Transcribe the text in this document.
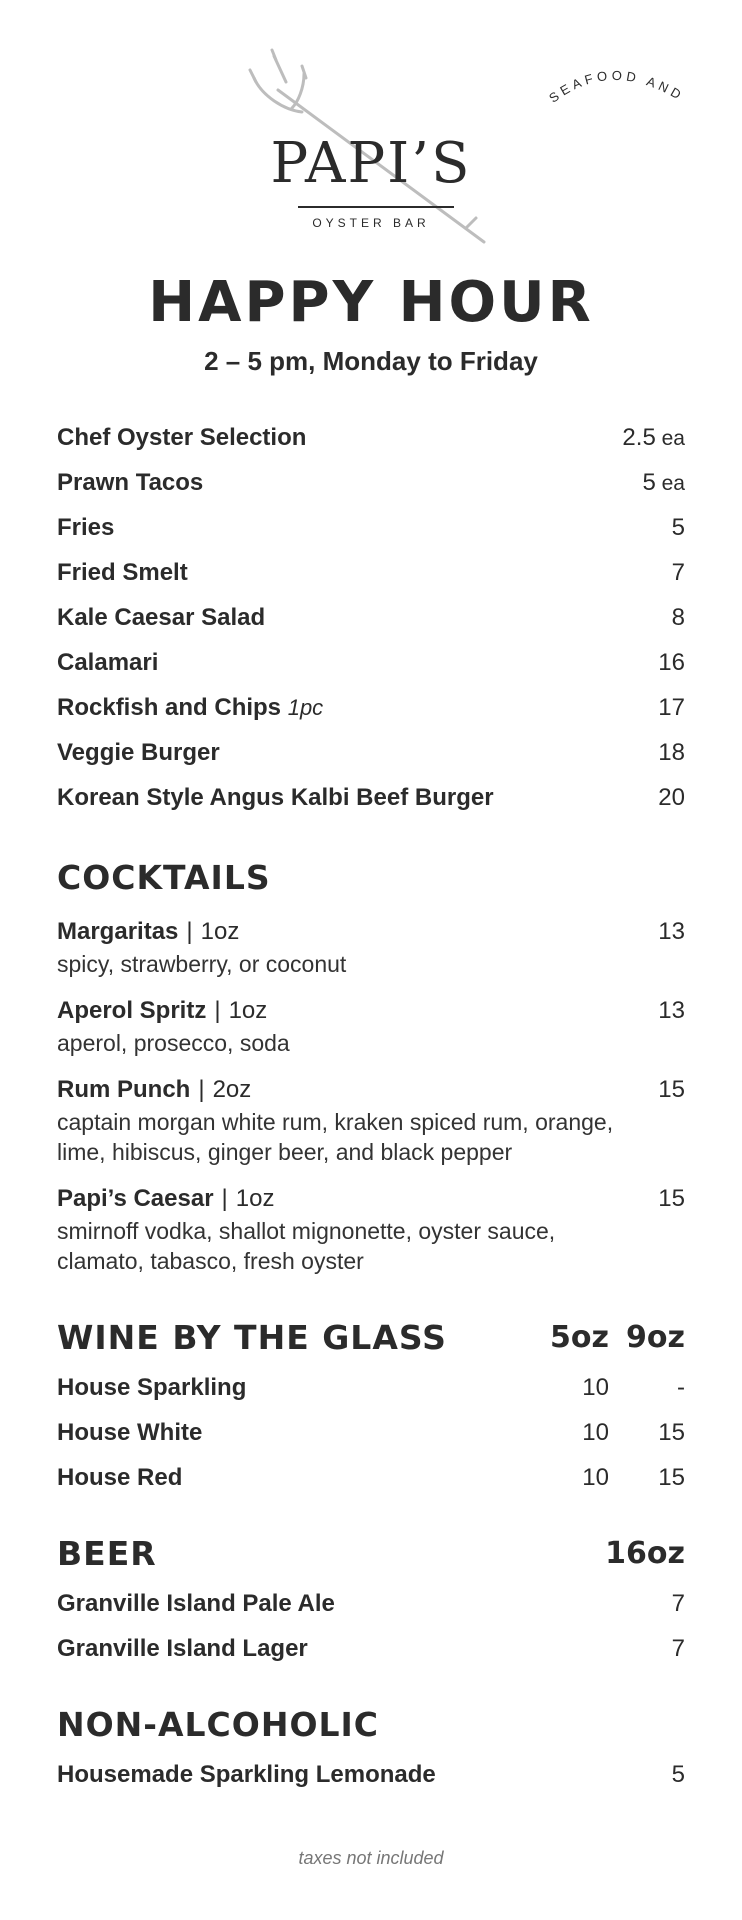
SEAFOOD AND
PAPI’S
OYSTER BAR
HAPPY HOUR
2 – 5 pm, Monday to Friday
Chef Oyster Selection	2.5 ea
Prawn Tacos	5 ea
Fries	5
Fried Smelt	7
Kale Caesar Salad	8
Calamari	16
Rockfish and Chips 1pc	17
Veggie Burger	18
Korean Style Angus Kalbi Beef Burger	20
COCKTAILS
Margaritas | 1oz	13
spicy, strawberry, or coconut
Aperol Spritz | 1oz	13
aperol, prosecco, soda
Rum Punch | 2oz	15
captain morgan white rum, kraken spiced rum, orange,
lime, hibiscus, ginger beer, and black pepper
Papi’s Caesar | 1oz	15
smirnoff vodka, shallot mignonette, oyster sauce,
clamato, tabasco, fresh oyster
WINE BY THE GLASS	5oz 9oz
House Sparkling	10	-
House White	10 15
House Red	10 15
BEER	16oz
Granville Island Pale Ale	7
Granville Island Lager	7
NON-ALCOHOLIC
Housemade Sparkling Lemonade	5
taxes not included
